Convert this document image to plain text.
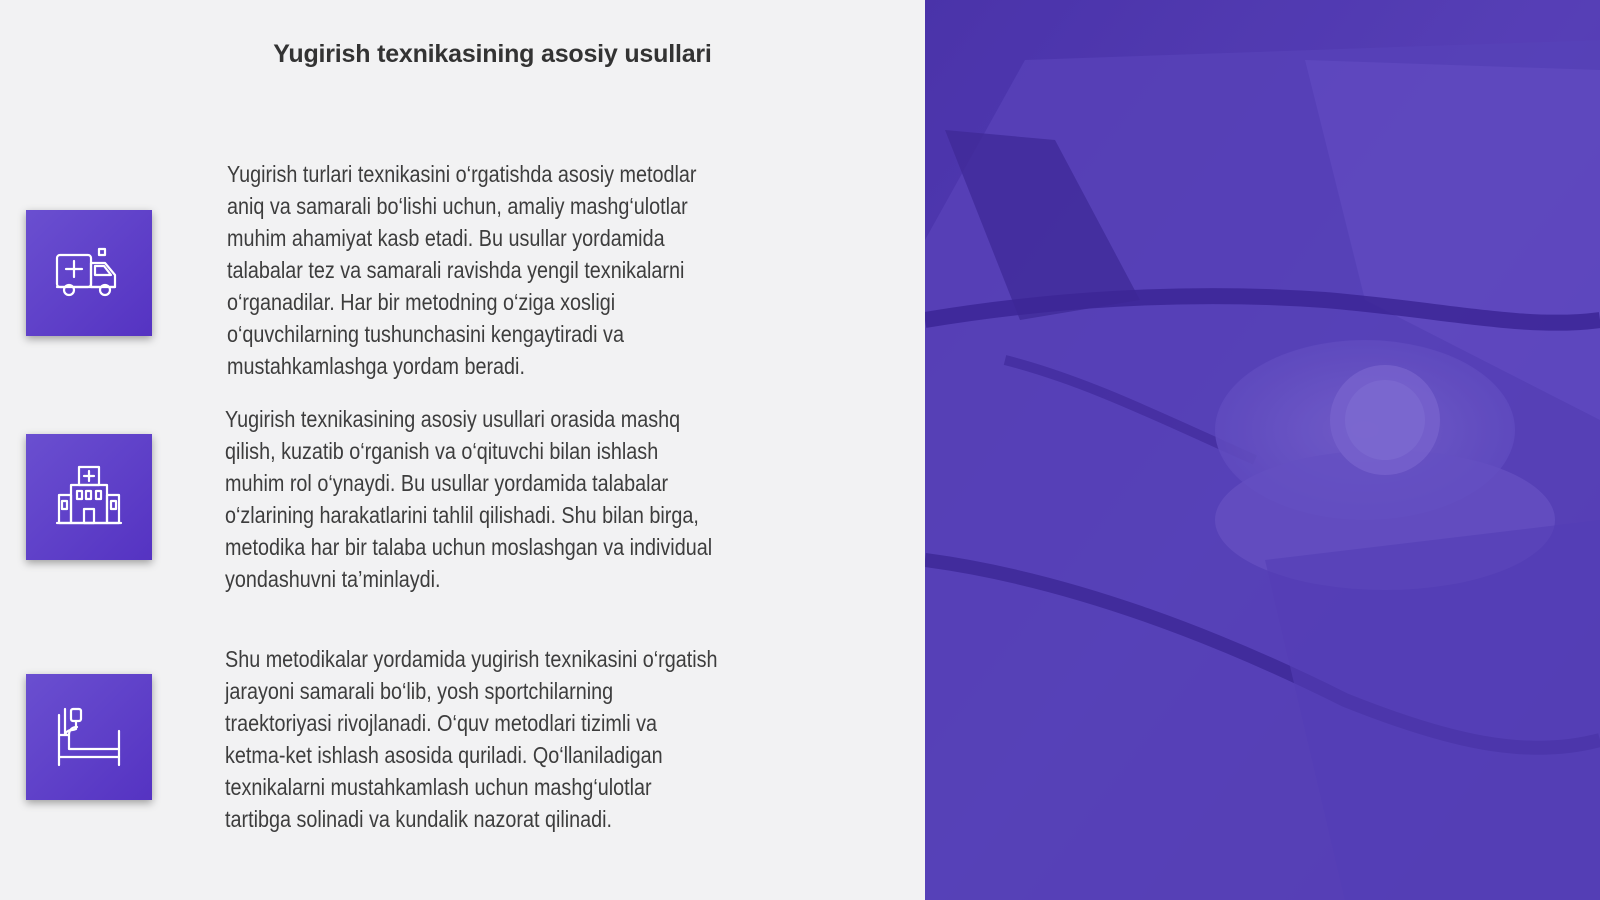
Yugirish texnikasining asosiy usullari
Yugirish turlari texnikasini o‘rgatishda asosiy metodlar
aniq va samarali bo‘lishi uchun, amaliy mashg‘ulotlar
muhim ahamiyat kasb etadi. Bu usullar yordamida
talabalar tez va samarali ravishda yengil texnikalarni
o‘rganadilar. Har bir metodning o‘ziga xosligi
o‘quvchilarning tushunchasini kengaytiradi va
mustahkamlashga yordam beradi.
Yugirish texnikasining asosiy usullari orasida mashq
qilish, kuzatib o‘rganish va o‘qituvchi bilan ishlash
muhim rol o‘ynaydi. Bu usullar yordamida talabalar
o‘zlarining harakatlarini tahlil qilishadi. Shu bilan birga,
metodika har bir talaba uchun moslashgan va individual
yondashuvni ta’minlaydi.
Shu metodikalar yordamida yugirish texnikasini o‘rgatish
jarayoni samarali bo‘lib, yosh sportchilarning
traektoriyasi rivojlanadi. O‘quv metodlari tizimli va
ketma-ket ishlash asosida quriladi. Qo‘llaniladigan
texnikalarni mustahkamlash uchun mashg‘ulotlar
tartibga solinadi va kundalik nazorat qilinadi.
